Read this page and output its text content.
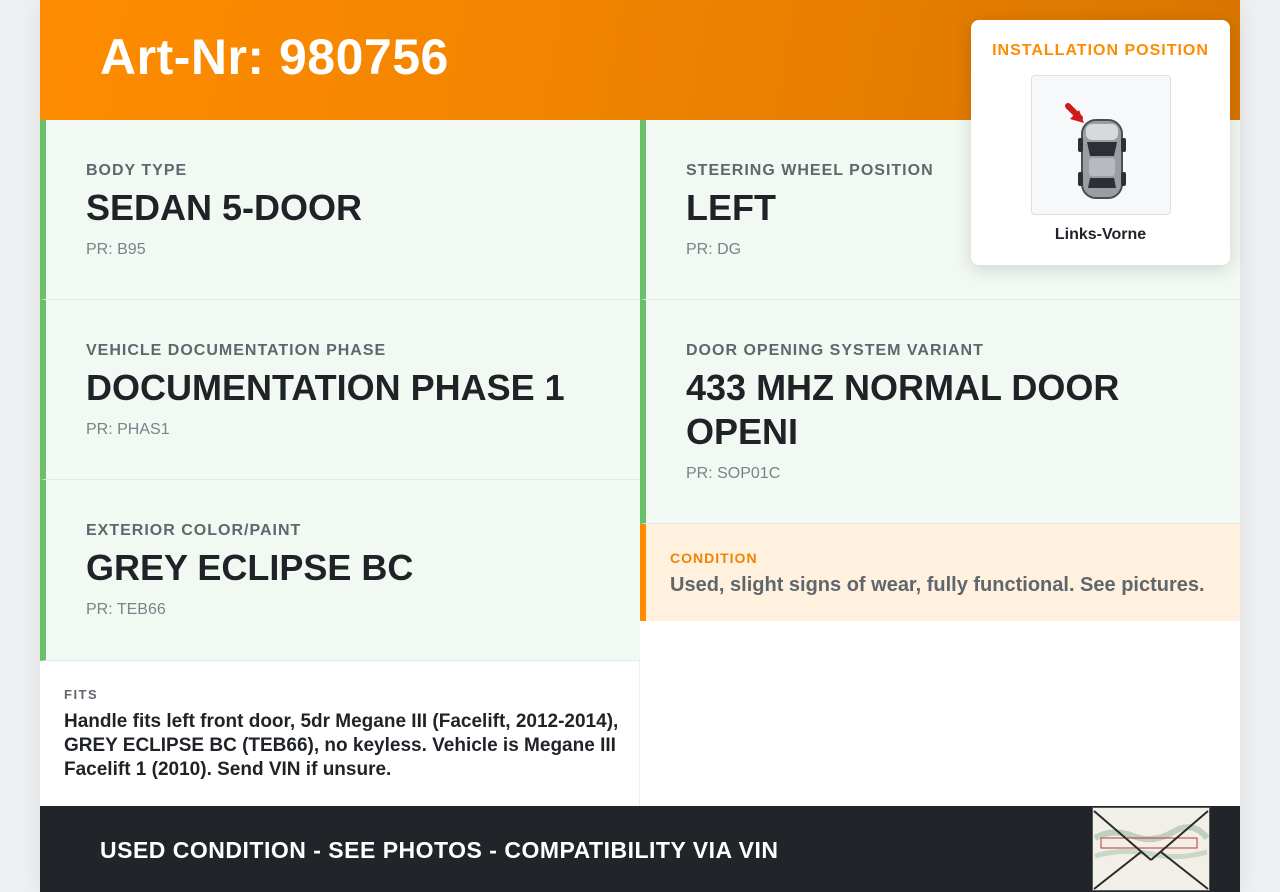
Art-Nr: 980756
BODY TYPE
SEDAN 5-DOOR
PR: B95
STEERING WHEEL POSITION
LEFT
PR: DG
VEHICLE DOCUMENTATION PHASE
DOCUMENTATION PHASE 1
PR: PHAS1
DOOR OPENING SYSTEM VARIANT
433 MHZ NORMAL DOOR OPENI
PR: SOP01C
EXTERIOR COLOR/PAINT
GREY ECLIPSE BC
PR: TEB66
CONDITION
Used, slight signs of wear, fully functional. See pictures.
FITS
Handle fits left front door, 5dr Megane III (Facelift, 2012-2014), GREY ECLIPSE BC (TEB66), no keyless. Vehicle is Megane III Facelift 1 (2010). Send VIN if unsure.
USED CONDITION - SEE PHOTOS - COMPATIBILITY VIA VIN
INSTALLATION POSITION
Links-Vorne
